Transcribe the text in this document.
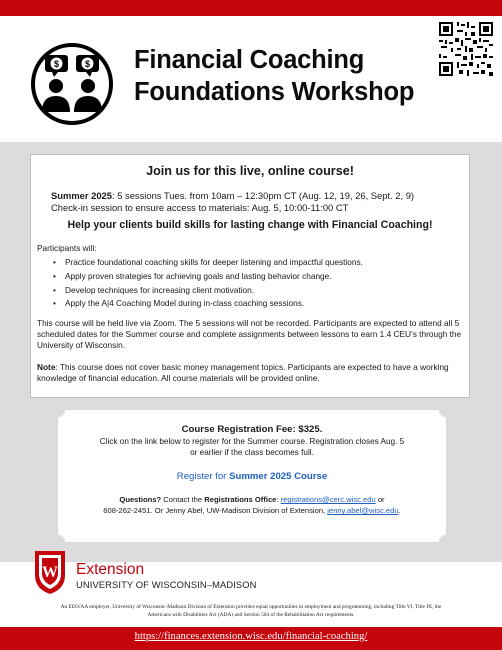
$	$ Financial Coaching
Foundations Workshop
Join us for this live, online course!
Summer 2025: 5 sessions Tues. from 10am – 12:30pm CT (Aug. 12, 19, 26, Sept. 2, 9)
Check-in session to ensure access to materials: Aug. 5, 10:00-11:00 CT
Help your clients build skills for lasting change with Financial Coaching!
Participants will:
• Practice foundational coaching skills for deeper listening and impactful questions.
• Apply proven strategies for achieving goals and lasting behavior change.
• Develop techniques for increasing client motivation.
• Apply the A|4 Coaching Model during in-class coaching sessions.
This course will be held live via Zoom. The 5 sessions will not be recorded. Participants are expected to attend all 5 scheduled dates for the Summer course and complete assignments between lessons to earn 1.4 CEU’s through the University of Wisconsin.
Note: This course does not cover basic money management topics. Participants are expected to have a working knowledge of financial education. All course materials will be provided online.
Course Registration Fee: $325.
Click on the link below to register for the Summer course. Registration closes Aug. 5 or earlier if the class becomes full.
Register for Summer 2025 Course
Questions? Contact the Registrations Office: registrations@cerc.wisc.edu or
608-262-2451. Or Jenny Abel, UW-Madison Division of Extension, jenny.abel@wisc.edu.
W Extension
UNIVERSITY OF WISCONSIN–MADISON
An EEO/AA employer, University of Wisconsin–Madison Division of Extension provides equal opportunities in employment and programming, including Title VI, Title IX, the
Americans with Disabilities Act (ADA) and Section 504 of the Rehabilitation Act requirements.
https://finances.extension.wisc.edu/financial-coaching/
